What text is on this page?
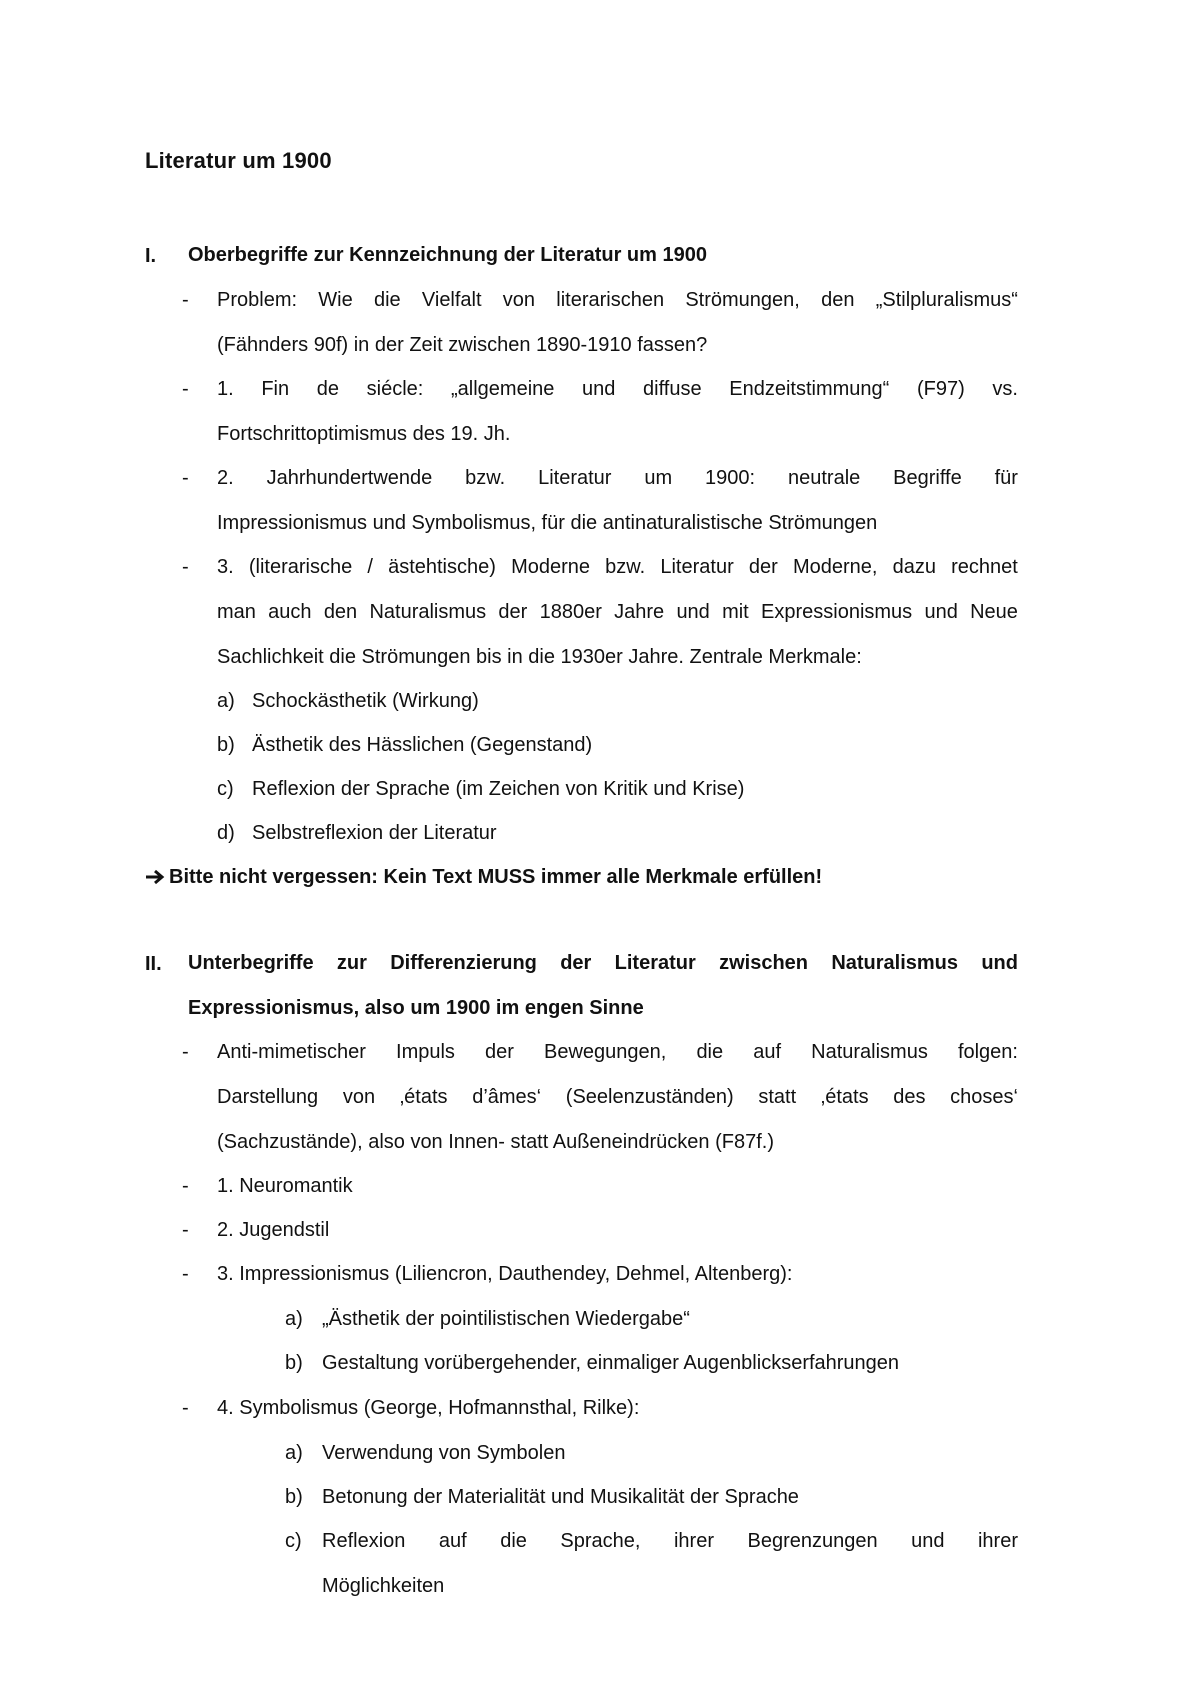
Literatur um 1900
I. Oberbegriffe zur Kennzeichnung der Literatur um 1900
- Problem: Wie die Vielfalt von literarischen Strömungen, den „Stilpluralismus“
(Fähnders 90f) in der Zeit zwischen 1890-1910 fassen?
- 1. Fin de siécle: „allgemeine und diffuse Endzeitstimmung“ (F97) vs.
Fortschrittoptimismus des 19. Jh.
- 2. Jahrhundertwende bzw. Literatur um 1900: neutrale Begriffe für
Impressionismus und Symbolismus, für die antinaturalistische Strömungen
- 3. (literarische / ästehtische) Moderne bzw. Literatur der Moderne, dazu rechnet
man auch den Naturalismus der 1880er Jahre und mit Expressionismus und Neue
Sachlichkeit die Strömungen bis in die 1930er Jahre. Zentrale Merkmale:
a) Schockästhetik (Wirkung)
b) Ästhetik des Hässlichen (Gegenstand)
c) Reflexion der Sprache (im Zeichen von Kritik und Krise)
d) Selbstreflexion der Literatur
Bitte nicht vergessen: Kein Text MUSS immer alle Merkmale erfüllen!
II. Unterbegriffe zur Differenzierung der Literatur zwischen Naturalismus und
Expressionismus, also um 1900 im engen Sinne
- Anti-mimetischer Impuls der Bewegungen, die auf Naturalismus folgen:
Darstellung von ‚états d’âmes‘ (Seelenzuständen) statt ‚états des choses‘
(Sachzustände), also von Innen- statt Außeneindrücken (F87f.)
- 1. Neuromantik
- 2. Jugendstil
- 3. Impressionismus (Liliencron, Dauthendey, Dehmel, Altenberg):
a) „Ästhetik der pointilistischen Wiedergabe“
b) Gestaltung vorübergehender, einmaliger Augenblickserfahrungen
- 4. Symbolismus (George, Hofmannsthal, Rilke):
a) Verwendung von Symbolen
b) Betonung der Materialität und Musikalität der Sprache
c) Reflexion auf die Sprache, ihrer Begrenzungen und ihrer
Möglichkeiten
